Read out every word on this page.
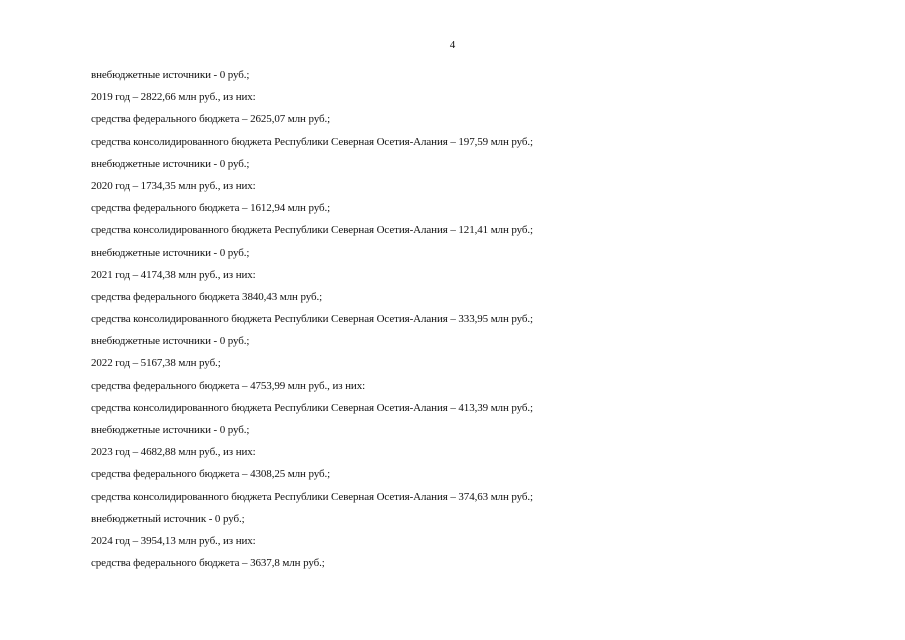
4
внебюджетные источники - 0 руб.;
2019 год – 2822,66 млн руб., из них:
средства федерального бюджета – 2625,07 млн руб.;
средства консолидированного бюджета Республики Северная Осетия-Алания – 197,59 млн руб.;
внебюджетные источники - 0 руб.;
2020 год – 1734,35 млн руб., из них:
средства федерального бюджета – 1612,94 млн руб.;
средства консолидированного бюджета Республики Северная Осетия-Алания – 121,41 млн руб.;
внебюджетные источники - 0 руб.;
2021 год – 4174,38 млн руб., из них:
средства федерального бюджета 3840,43 млн руб.;
средства консолидированного бюджета Республики Северная Осетия-Алания – 333,95 млн руб.;
внебюджетные источники - 0 руб.;
2022 год – 5167,38 млн руб.;
средства федерального бюджета – 4753,99 млн руб., из них:
средства консолидированного бюджета Республики Северная Осетия-Алания – 413,39 млн руб.;
внебюджетные источники - 0 руб.;
2023 год – 4682,88 млн руб., из них:
средства федерального бюджета – 4308,25 млн руб.;
средства консолидированного бюджета Республики Северная Осетия-Алания – 374,63 млн руб.;
внебюджетный источник - 0 руб.;
2024 год – 3954,13 млн руб., из них:
средства федерального бюджета – 3637,8 млн руб.;
